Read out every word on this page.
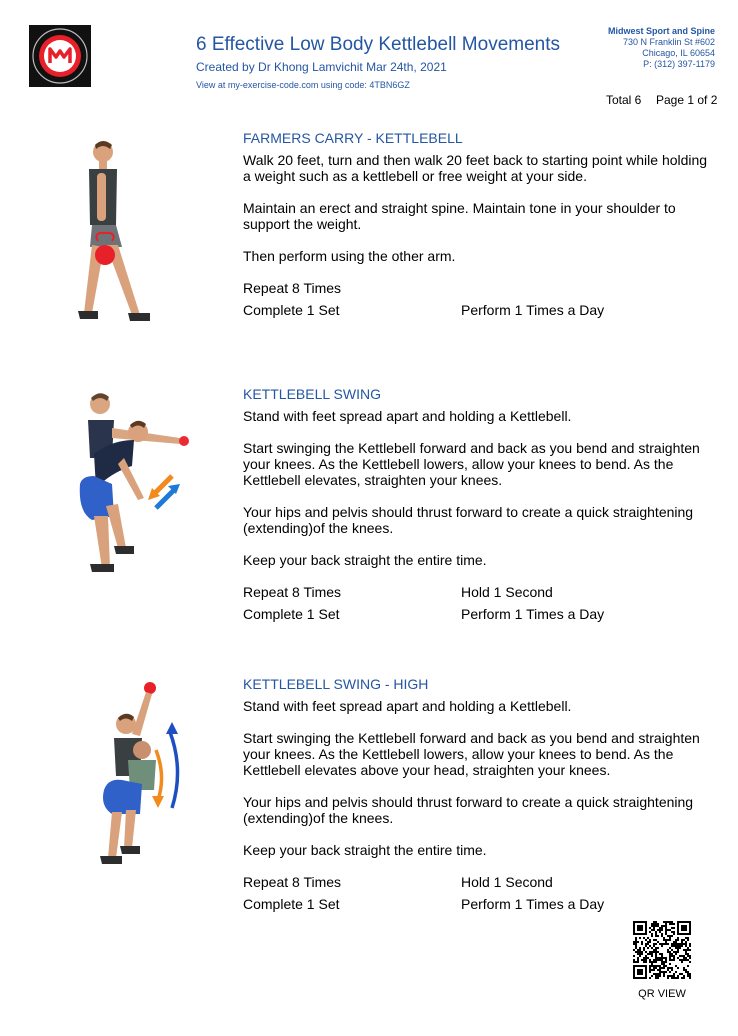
6 Effective Low Body Kettlebell Movements
Created by Dr Khong Lamvichit Mar 24th, 2021
View at my-exercise-code.com using code: 4TBN6GZ
Midwest Sport and Spine
730 N Franklin St #602
Chicago, IL 60654
P: (312) 397-1179
Total 6 Page 1 of 2
FARMERS CARRY - KETTLEBELL

Walk 20 feet, turn and then walk 20 feet back to starting point while holding a weight such as a kettlebell or free weight at your side.

Maintain an erect and straight spine. Maintain tone in your shoulder to support the weight.

Then perform using the other arm.

Repeat 8 Times
Complete 1 Set	Perform 1 Times a Day
KETTLEBELL SWING

Stand with feet spread apart and holding a Kettlebell.

Start swinging the Kettlebell forward and back as you bend and straighten your knees. As the Kettlebell lowers, allow your knees to bend. As the Kettlebell elevates, straighten your knees.

Your hips and pelvis should thrust forward to create a quick straightening (extending)of the knees.

Keep your back straight the entire time.

Repeat 8 Times	Hold 1 Second
Complete 1 Set	Perform 1 Times a Day
KETTLEBELL SWING - HIGH

Stand with feet spread apart and holding a Kettlebell.

Start swinging the Kettlebell forward and back as you bend and straighten your knees. As the Kettlebell lowers, allow your knees to bend. As the Kettlebell elevates above your head, straighten your knees.

Your hips and pelvis should thrust forward to create a quick straightening (extending)of the knees.

Keep your back straight the entire time.

Repeat 8 Times	Hold 1 Second
Complete 1 Set	Perform 1 Times a Day
QR VIEW
